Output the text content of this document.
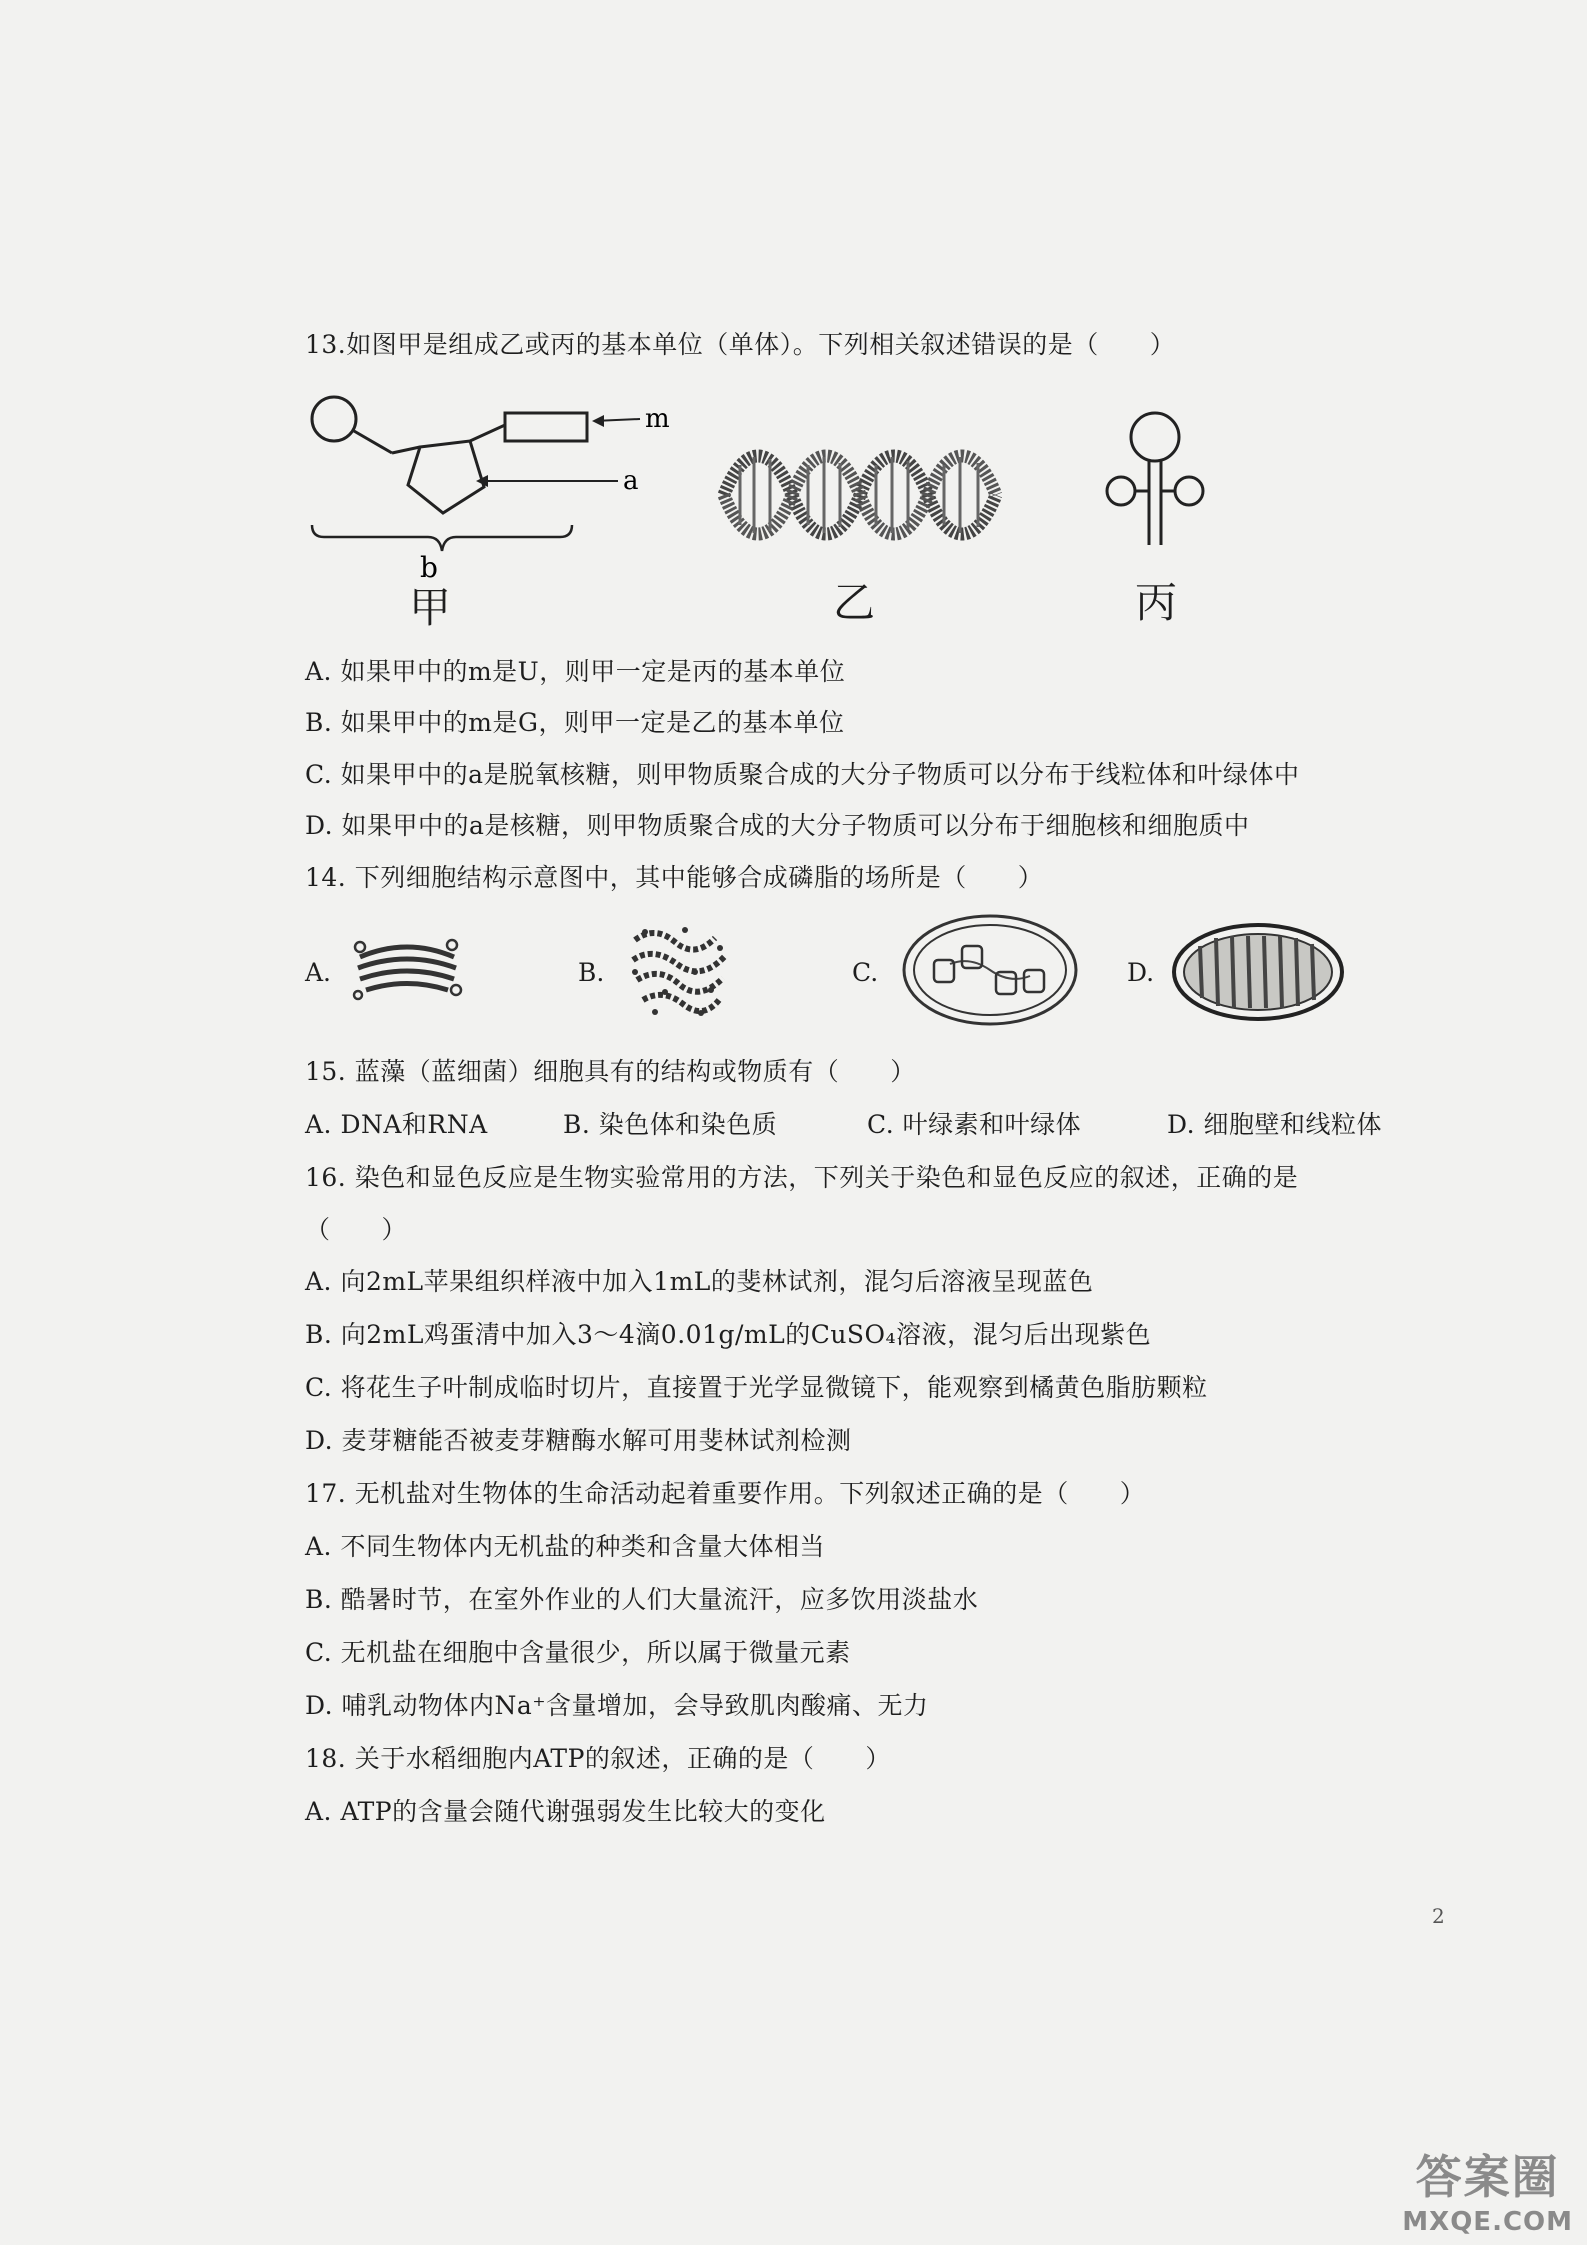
13.如图甲是组成乙或丙的基本单位（单体）。下列相关叙述错误的是（　　）
m
a
b
甲	乙	丙
A. 如果甲中的m是U，则甲一定是丙的基本单位
B. 如果甲中的m是G，则甲一定是乙的基本单位
C. 如果甲中的a是脱氧核糖，则甲物质聚合成的大分子物质可以分布于线粒体和叶绿体中
D. 如果甲中的a是核糖，则甲物质聚合成的大分子物质可以分布于细胞核和细胞质中
14. 下列细胞结构示意图中，其中能够合成磷脂的场所是（　　）
A.	B.	C.	D.
15. 蓝藻（蓝细菌）细胞具有的结构或物质有（　　）
A. DNA和RNA	B. 染色体和染色质	C. 叶绿素和叶绿体	D. 细胞壁和线粒体
16. 染色和显色反应是生物实验常用的方法，下列关于染色和显色反应的叙述，正确的是
（　　）
A. 向2mL苹果组织样液中加入1mL的斐林试剂，混匀后溶液呈现蓝色
B. 向2mL鸡蛋清中加入3～4滴0.01g/mL的CuSO₄溶液，混匀后出现紫色
C. 将花生子叶制成临时切片，直接置于光学显微镜下，能观察到橘黄色脂肪颗粒
D. 麦芽糖能否被麦芽糖酶水解可用斐林试剂检测
17. 无机盐对生物体的生命活动起着重要作用。下列叙述正确的是（　　）
A. 不同生物体内无机盐的种类和含量大体相当
B. 酷暑时节，在室外作业的人们大量流汗，应多饮用淡盐水
C. 无机盐在细胞中含量很少，所以属于微量元素
D. 哺乳动物体内Na⁺含量增加，会导致肌肉酸痛、无力
18. 关于水稻细胞内ATP的叙述，正确的是（　　）
A. ATP的含量会随代谢强弱发生比较大的变化
2
答案圈
MXQE.COM
